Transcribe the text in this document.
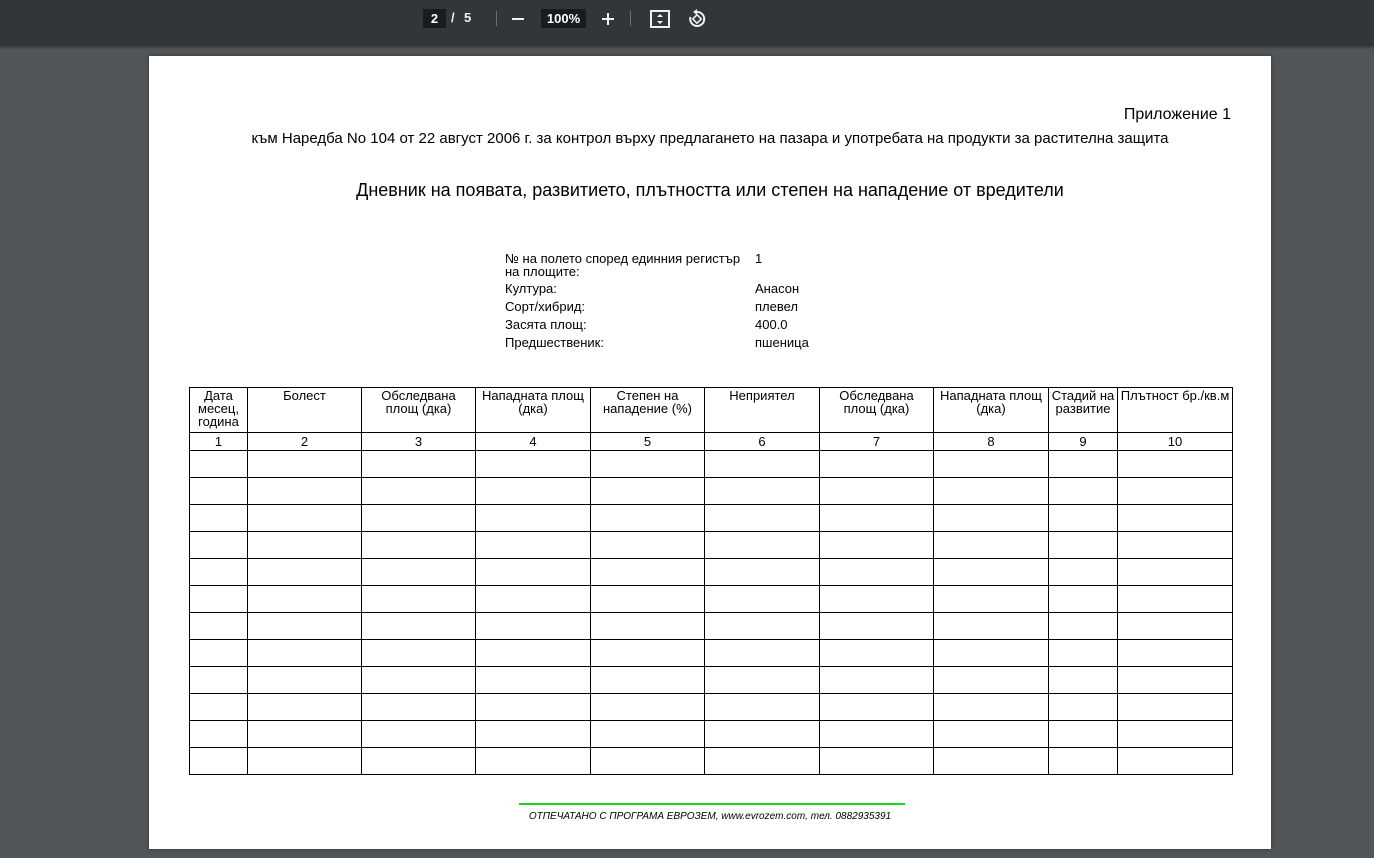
2 / 5	100%
Приложение 1
към Наредба No 104 от 22 август 2006 г. за контрол върху предлагането на пазара и употребата на продукти за растителна защита
Дневник на появата, развитието, плътността или степен на нападение от вредители
№ на полето според единния регистър на площите:
1
Култура:	Анасон
Сорт/хибрид:	плевел
Засята площ:	400.0
Предшественик:	пшеница
Дата месец, година	Болест	Обследвана площ (дка)	Нападната площ (дка)	Степен на нападение (%)	Неприятел	Обследвана площ (дка)	Нападната площ (дка)	Стадий на развитие	Плътност бр./кв.м
1	2	3	4	5	6	7	8	9	10

ОТПЕЧАТАНО С ПРОГРАМА ЕВРОЗЕМ, www.evrozem.com, тел. 0882935391
